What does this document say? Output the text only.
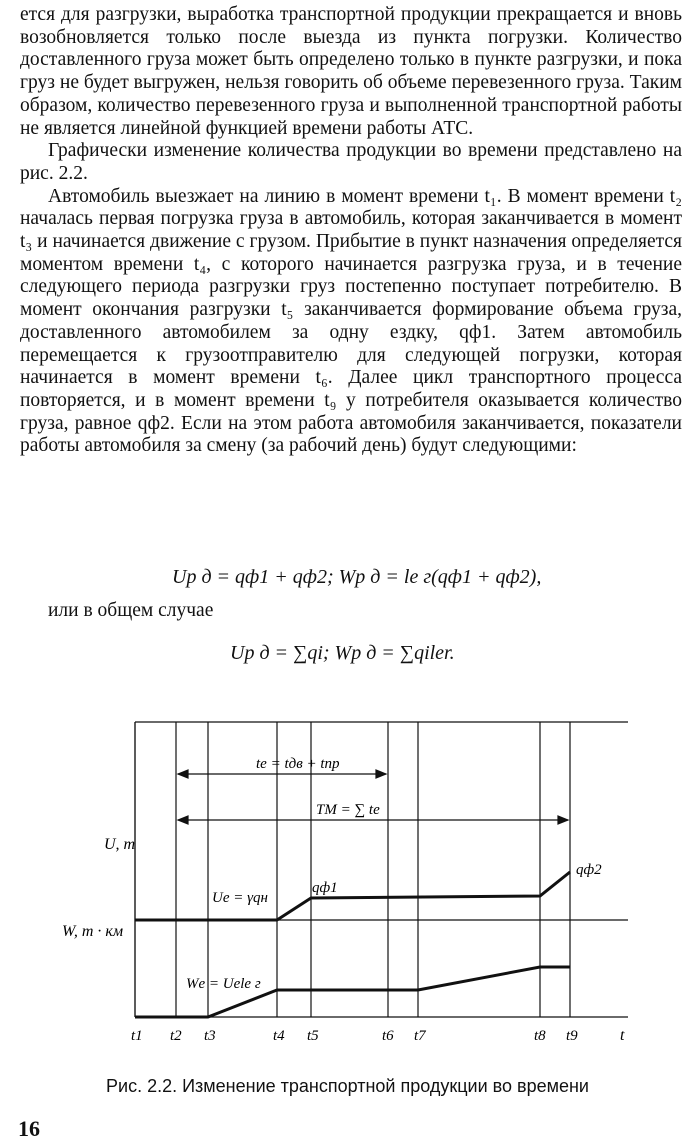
ется для разгрузки, выработка транспортной продукции прекращается и вновь возобновляется только после выезда из пункта погрузки. Количество доставленного груза может быть определено только в пункте разгрузки, и пока груз не будет выгружен, нельзя говорить об объеме перевезенного груза. Таким образом, количество перевезенного груза и выполненной транспортной работы не является линейной функцией времени работы АТС.

Графически изменение количества продукции во времени представлено на рис. 2.2.

Автомобиль выезжает на линию в момент времени t₁. В момент времени t₂ началась первая погрузка груза в автомобиль, которая заканчивается в момент t₃ и начинается движение с грузом. Прибытие в пункт назначения определяется моментом времени t₄, с которого начинается разгрузка груза, и в течение следующего периода разгрузки груз постепенно поступает потребителю. В момент окончания разгрузки t₅ заканчивается формирование объема груза, доставленного автомобилем за одну ездку, qф1. Затем автомобиль перемещается к грузоотправителю для следующей погрузки, которая начинается в момент времени t₆. Далее цикл транспортного процесса повторяется, и в момент времени t₉ у потребителя оказывается количество груза, равное qф2. Если на этом работа автомобиля заканчивается, показатели работы автомобиля за смену (за рабочий день) будут следующими:

Uр д = qф1 + qф2; Wр д = lе г(qф1 + qф2),
или в общем случае
Uр д = ∑qi; Wр д = ∑qiler.
tе = tдв + tпр
TM = ∑ tе
U, т
W, т · км
Uе = γqн
Wе = Uеlе г
qф1
qф2
t
t1 t2 t3	t4 t5	t6 t7	t8 t9
Рис. 2.2. Изменение транспортной продукции во времени
16
